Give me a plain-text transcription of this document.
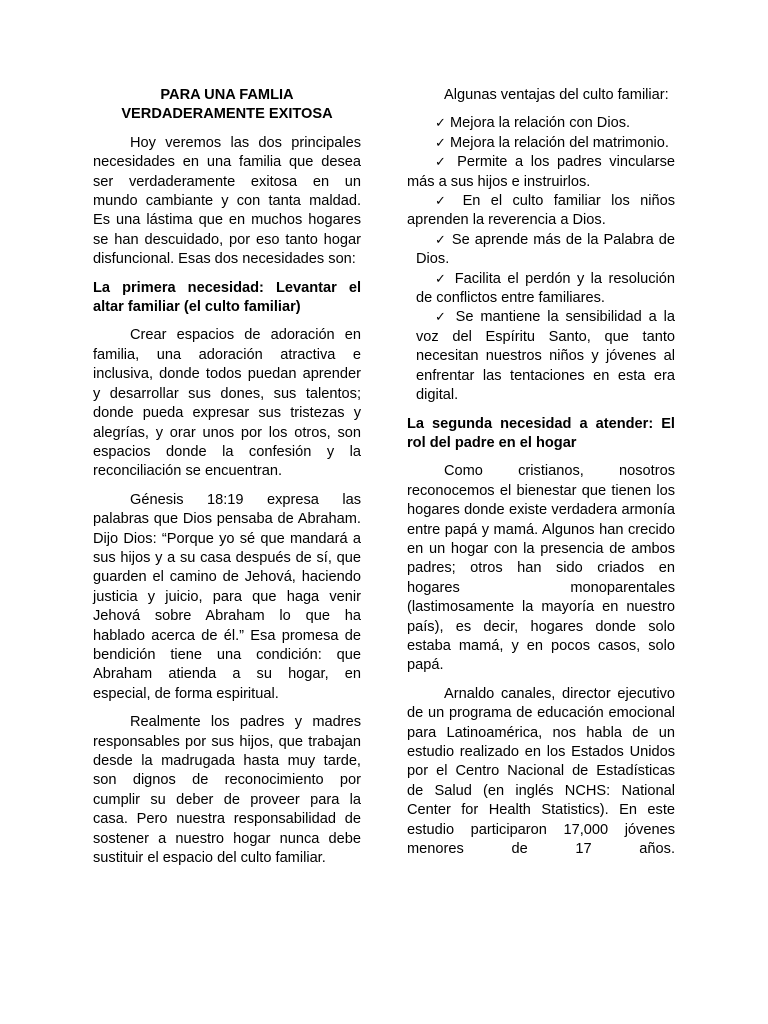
PARA UNA FAMLIA
VERDADERAMENTE EXITOSA

Hoy veremos las dos principales necesidades en una familia que desea ser verdaderamente exitosa en un mundo cambiante y con tanta maldad. Es una lástima que en muchos hogares se han descuidado, por eso tanto hogar disfuncional. Esas dos necesidades son:

La primera necesidad: Levantar el altar familiar (el culto familiar)

Crear espacios de adoración en familia, una adoración atractiva e inclusiva, donde todos puedan aprender y desarrollar sus dones, sus talentos; donde pueda expresar sus tristezas y alegrías, y orar unos por los otros, son espacios donde la confesión y la reconciliación se encuentran.

Génesis 18:19 expresa las palabras que Dios pensaba de Abraham. Dijo Dios: “Porque yo sé que mandará a sus hijos y a su casa después de sí, que guarden el camino de Jehová, haciendo justicia y juicio, para que haga venir Jehová sobre Abraham lo que ha hablado acerca de él.” Esa promesa de bendición tiene una condición: que Abraham atienda a su hogar, en especial, de forma espiritual.

Realmente los padres y madres responsables por sus hijos, que trabajan desde la madrugada hasta muy tarde, son dignos de reconocimiento por cumplir su deber de proveer para la casa. Pero nuestra responsabilidad de sostener a nuestro hogar nunca debe sustituir el espacio del culto familiar.

Algunas ventajas del culto familiar:

✓ Mejora la relación con Dios.
✓ Mejora la relación del matrimonio.
✓ Permite a los padres vincularse más a sus hijos e instruirlos.
✓ En el culto familiar los niños aprenden la reverencia a Dios.
✓ Se aprende más de la Palabra de Dios.
✓ Facilita el perdón y la resolución de conflictos entre familiares.
✓ Se mantiene la sensibilidad a la voz del Espíritu Santo, que tanto necesitan nuestros niños y jóvenes al enfrentar las tentaciones en esta era digital.
La segunda necesidad a atender: El rol del padre en el hogar

Como cristianos, nosotros reconocemos el bienestar que tienen los hogares donde existe verdadera armonía entre papá y mamá. Algunos han crecido en un hogar con la presencia de ambos padres; otros han sido criados en hogares monoparentales (lastimosamente la mayoría en nuestro país), es decir, hogares donde solo estaba mamá, y en pocos casos, solo papá.

Arnaldo canales, director ejecutivo de un programa de educación emocional para Latinoamérica, nos habla de un estudio realizado en los Estados Unidos por el Centro Nacional de Estadísticas de Salud (en inglés NCHS: National Center for Health Statistics). En este estudio participaron 17,000 jóvenes menores de 17 años.
